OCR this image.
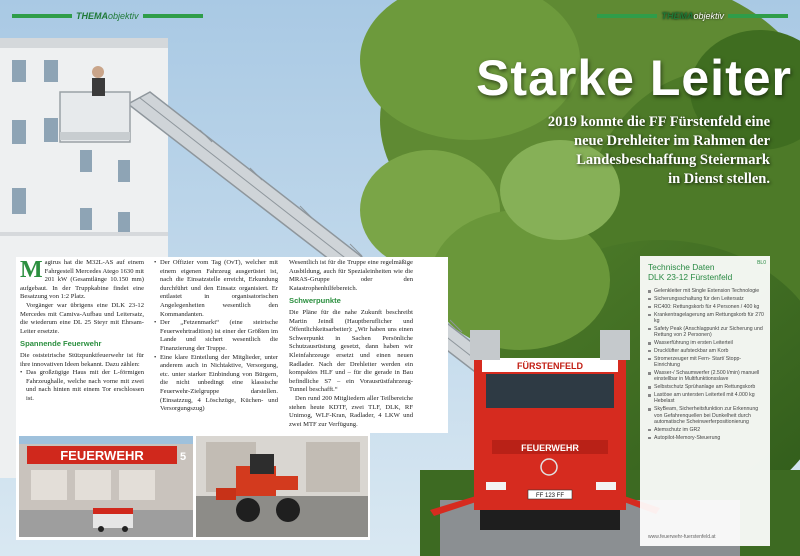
FÜRSTENFELD
FEUERWEHR
FF 123 FF
THEMAobjektiv	THEMAobjektiv
Starke Leiter
2019 konnte die FF Fürstenfeld eine
neue Drehleiter im Rahmen der
Landesbeschaffung Steiermark
in Dienst stellen.

Magirus hat die M32L-AS auf einem Fahrgestell Mercedes Atego 1630 mit 201 kW (Gesamtlänge 10.150 mm) aufgebaut. In der Truppkabine findet eine Besatzung von 1:2 Platz.

Vorgänger war übrigens eine DLK 23-12 Mercedes mit Camiva-Aufbau und Leitersatz, die wiederum eine DL 25 Steyr mit Ehrsam-Leiter ersetzte.

Spannende Feuerwehr

Die oststeirische Stützpunktfeuerwehr ist für ihre innovativen Ideen bekannt. Dazu zählen:

• Das großzügige Haus mit der L-förmigen Fahrzeughalle, welche nach vorne mit zwei und nach hinten mit einem Tor erschlossen ist.
• Der Offizier vom Tag (OvT), welcher mit einem eigenen Fahrzeug ausgerüstet ist, nach die Einsatzstelle erreicht, Erkundung durchführt und den Einsatz organisiert. Er entlastet in organisatorischen Angelegenheiten wesentlich den Kommandanten.
• Der „Fetzenmarkt“ (eine steirische Feuerwehrtradition) ist einer der Größten im Lande und sichert wesentlich die Finanzierung der Truppe.
• Eine klare Einteilung der Mitglieder, unter anderem auch in Nichtaktive, Versorgung, etc. unter starker Einbindung von Bürgern, die nicht unbedingt eine klassische Feuerwehr-Zielgruppe darstellen. (Einsatzzug, 4 Löschzüge, Küchen- und Versorgungszug)

Wesentlich ist für die Truppe eine regelmäßige Ausbildung, auch für Spezialeinheiten wie die MRAS-Gruppe oder den Katastrophenhilfebereich.

Schwerpunkte

Die Pläne für die nahe Zukunft beschreibt Martin Jeindl (Hauptberuflicher und Öffentlichkeitsarbeiter): „Wir haben uns einen Schwerpunkt in Sachen Persönliche Schutzausrüstung gesetzt, dann haben wir Kleinfahrzeuge ersetzt und einen neuen Radlader. Nach der Drehleiter werden ein kompaktes HLF und – für die gerade in Bau befindliche S7 – ein Vorausrüstfahrzeug-Tunnel beschafft.“

Den rund 200 Mitgliedern aller Teilbereiche stehen heute KDTF, zwei TLF, DLK, RF Unimog, WLF-Kran, Radlader, 4 LKW und zwei MTF zur Verfügung.

FEUERWEHR	5
BL0
Technische Daten
DLK 23-12 Fürstenfeld
Gelenkleiter mit Single Extension Technologie
Sicherungsschaltung für den Leitersatz
RC400: Rettungskorb für 4 Personen / 400 kg
Krankentragelagerung am Rettungskorb für 270 kg
Safety Peak (Anschlagpunkt zur Sicherung und Rettung von 2 Personen)
Wasserführung im ersten Leiterteil
Drucklüfter aufsteckbar am Korb
Stromerzeuger mit Fern- Start/ Stopp-Einrichtung
Wasser-/ Schaumwerfer (2.500 l/min) manuell einstellbar in Multifunktionsslave
Selbstschutz Sprühanlage am Rettungskorb
Lastöse am untersten Leiterteil mit 4.000 kg Hebelast
SkyBeam, Sicherheitsfunktion zur Erkennung von Gefahrenquellen bei Dunkelheit durch automatische Scheinwerferpositionierung
Atemschutz im GR2
Autopilot-Memory-Steuerung
www.feuerwehr-fuerstenfeld.at
